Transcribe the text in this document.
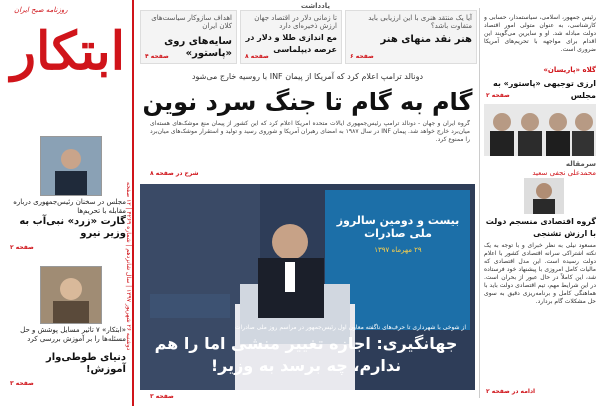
روزنامه صبح ایران
ابتکار
دوشنبه ۲۶ شهریور ۱۳۹۷ | سال شانزدهم | شماره ۴۲۶۹ | ۱۲ صفحه
مجلس در سخنان رئیس‌جمهوری درباره مقابله با تحریم‌ها
گارت «زرد» نبی‌آب به وزیر نیرو
صفحه ۲
«ابتکار» ۷ تاثیر مسایل پوشش و حل مسئله‌ها را بر آموزش بررسی کرد
دنیای طوطی‌وار آموزش!
صفحه ۳
یادداشت
آیا یک منتقد هنری با این ارزیابی باید متفاوت باشد؟
هنر نقد منهای هنر
صفحه ۶
تا زمانی دلار در اقتصاد جهان ارزش ذخیره‌ای دارد
مع اندازی طلا و دلار در عرصه دیپلماسی
صفحه ۸
اهداف سازوکار سیاست‌های کلان ایران
سایه‌های روی «پاستور»
صفحه ۴
دونالد ترامپ اعلام کرد که آمریکا از پیمان INF با روسیه خارج می‌شود
گام به گام تا جنگ سرد نوین
گروه ایران و جهان - دونالد ترامپ رئیس‌جمهوری ایالات متحده آمریکا اعلام کرد که این کشور از پیمان منع موشک‌های هسته‌ای میان‌برد خارج خواهد شد. پیمان INF در سال ۱۹۸۷ به امضای رهبران آمریکا و شوروی رسید و تولید و استقرار موشک‌های میان‌برد را ممنوع کرد.
شرح در صفحه ۸
بیست و دومین سالروز ملی صادرات
۲۹ مهرماه ۱۳۹۷
از شوخی با شهرداری تا حرف‌های ناگفته معاون اول رئیس‌جمهور در مراسم روز ملی صادرات
جهانگیری: اجازه تغییر منشی اما را هم
ندارم، چه برسد به وزیر!
صفحه ۳
رئیس جمهور، اسلامی، سیاستمدار، حسابی و کارشناسی، به عنوان متولی امور اقتصاد دولت مبادله شد. او و سایرین می‌گویند این اقدام برای مواجهه با تحریم‌های آمریکا ضروری است.
گلاه «پاریسان»
ارزی توجیهی «پاستور» به مجلس
صفحه ۲
سرمقاله
محمدعلی نجفی سعید
گروه اقتصادی منسجم دولت با ارزش تشنجی
مسعود نیلی به نظر خبرای و با توجه به یک نکته اشتراکی سرانه اقتصادی کشور با اعلام دولت رسیده است. این مدل اقتصادی که مالیات کامل امروزی با پیشنهاد خود فرستاده شد، این کاملاً در حال عبور از بحران است. در این شرایط مهم، تیم اقتصادی دولت باید با هماهنگی کامل و برنامه‌ریزی دقیق به سوی حل مشکلات گام بردارد.
ادامه در صفحه ۲
